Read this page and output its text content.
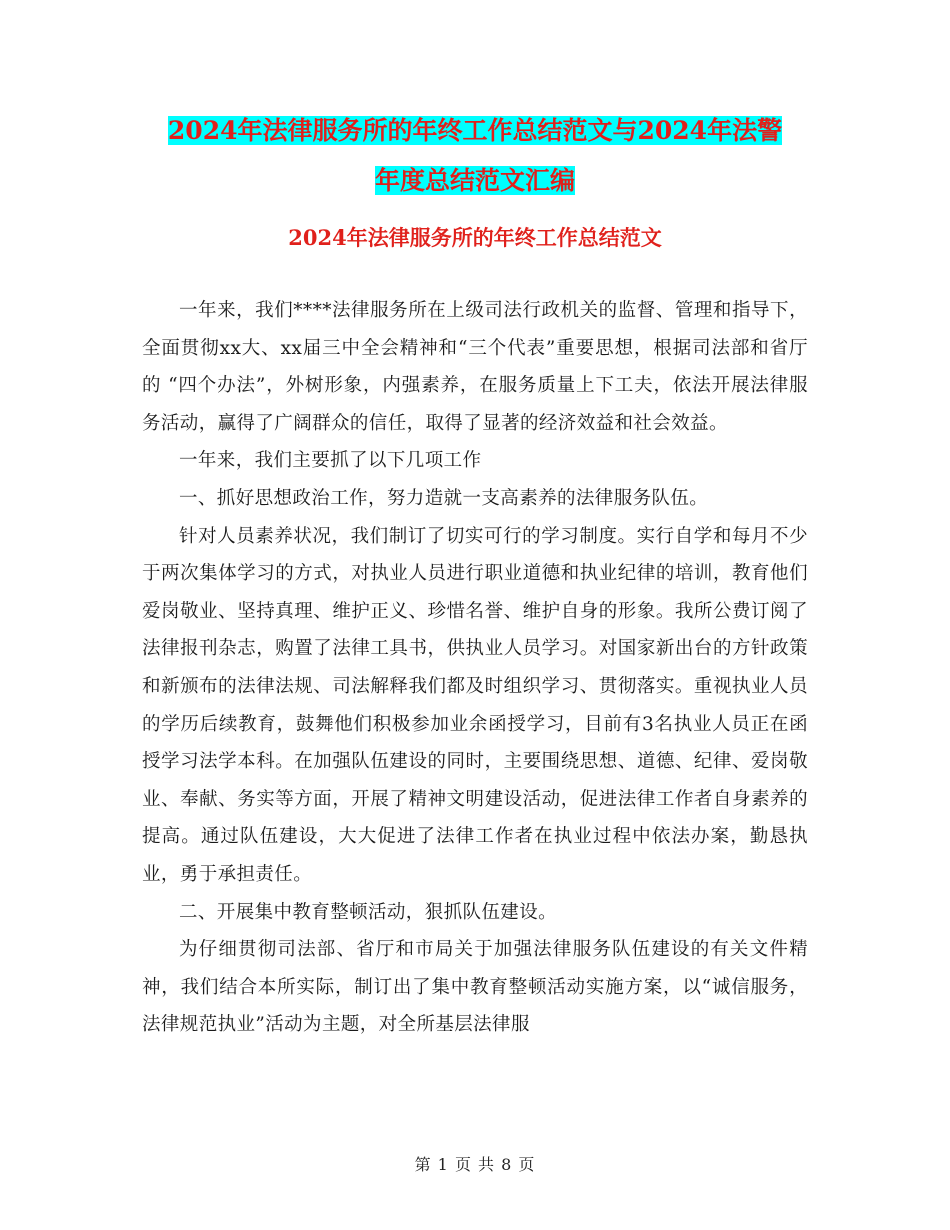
2024年法律服务所的年终工作总结范文与2024年法警
年度总结范文汇编
2024年法律服务所的年终工作总结范文

一年来，我们****法律服务所在上级司法行政机关的监督、管理和指导下，全面贯彻xx大、xx届三中全会精神和“三个代表”重要思想，根据司法部和省厅的 “四个办法”，外树形象，内强素养，在服务质量上下工夫，依法开展法律服务活动，赢得了广阔群众的信任，取得了显著的经济效益和社会效益。

一年来，我们主要抓了以下几项工作

一、抓好思想政治工作，努力造就一支高素养的法律服务队伍。

针对人员素养状况，我们制订了切实可行的学习制度。实行自学和每月不少于两次集体学习的方式，对执业人员进行职业道德和执业纪律的培训，教育他们爱岗敬业、坚持真理、维护正义、珍惜名誉、维护自身的形象。我所公费订阅了法律报刊杂志，购置了法律工具书，供执业人员学习。对国家新出台的方针政策和新颁布的法律法规、司法解释我们都及时组织学习、贯彻落实。重视执业人员的学历后续教育，鼓舞他们积极参加业余函授学习，目前有3名执业人员正在函授学习法学本科。在加强队伍建设的同时，主要围绕思想、道德、纪律、爱岗敬业、奉献、务实等方面，开展了精神文明建设活动，促进法律工作者自身素养的提高。通过队伍建设，大大促进了法律工作者在执业过程中依法办案，勤恳执业，勇于承担责任。

二、开展集中教育整顿活动，狠抓队伍建设。

为仔细贯彻司法部、省厅和市局关于加强法律服务队伍建设的有关文件精神，我们结合本所实际，制订出了集中教育整顿活动实施方案，以“诚信服务，法律规范执业”活动为主题，对全所基层法律服

第 1 页 共 8 页
